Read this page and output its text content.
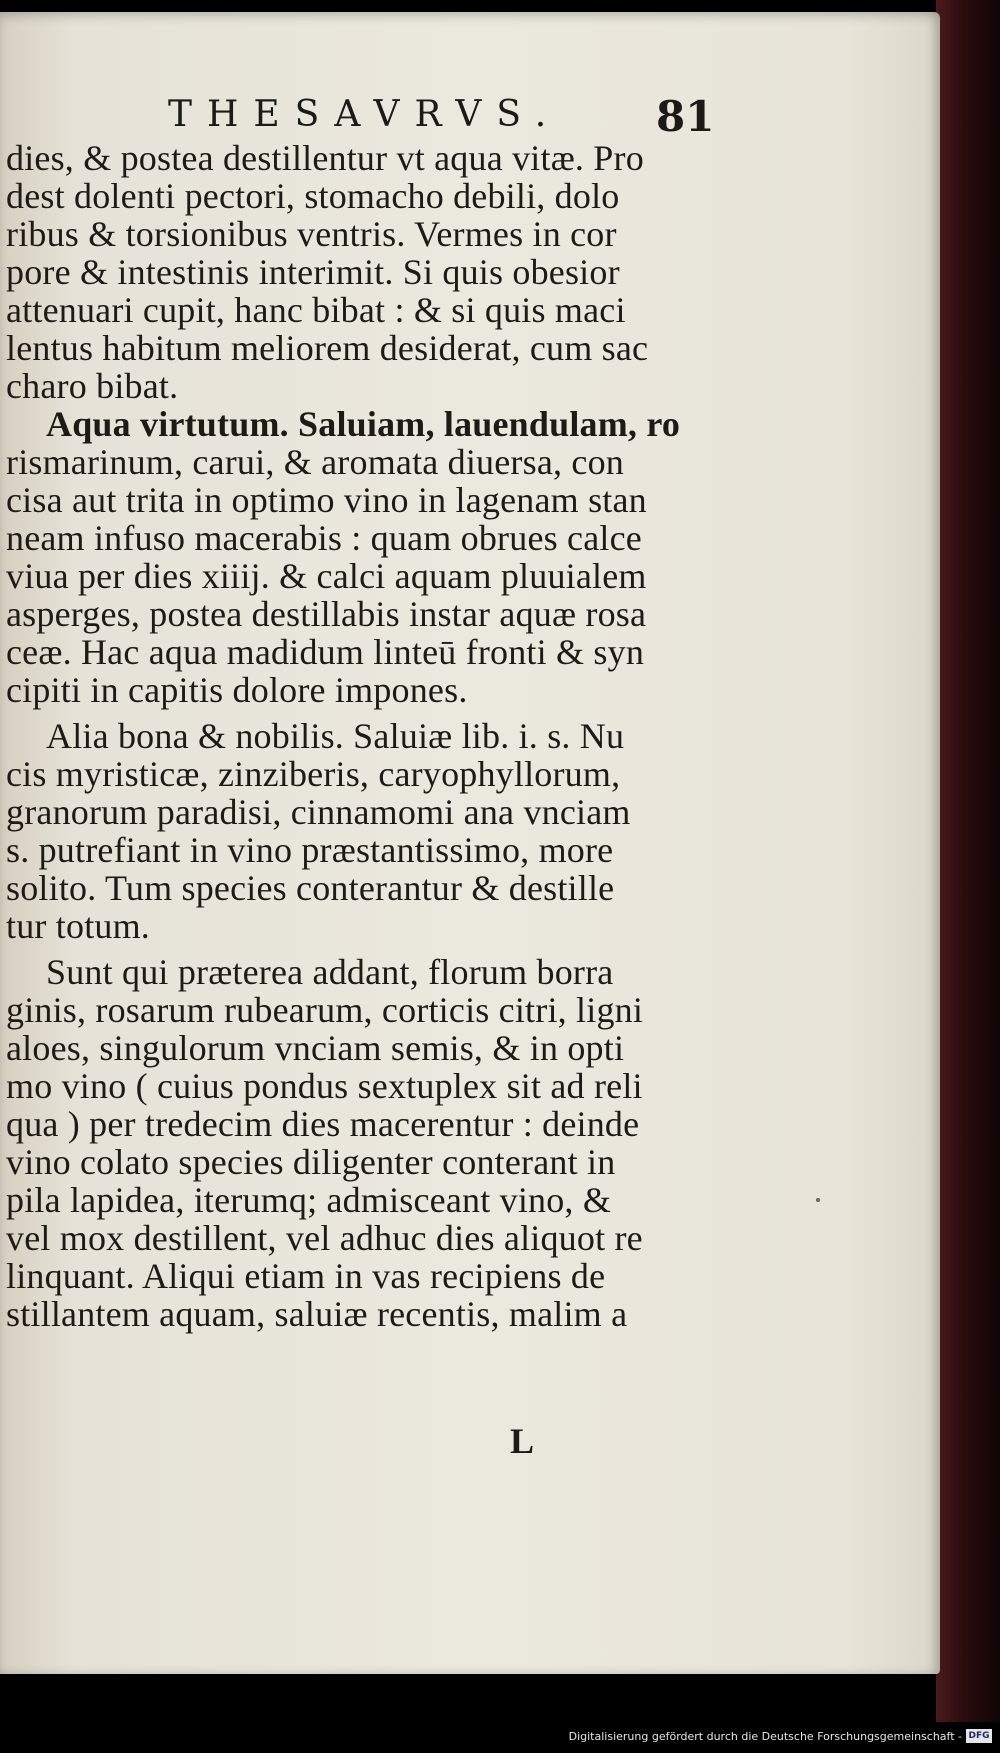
THESAVRVS. 81
dies, & postea destillentur vt aqua vitæ. Pro
dest dolenti pectori, stomacho debili, dolo
ribus & torsionibus ventris. Vermes in cor
pore & intestinis interimit. Si quis obesior
attenuari cupit, hanc bibat : & si quis maci
lentus habitum meliorem desiderat, cum sac
charo bibat.
Aqua virtutum. Saluiam, lauendulam, ro
rismarinum, carui, & aromata diuersa, con
cisa aut trita in optimo vino in lagenam stan
neam infuso macerabis : quam obrues calce
viua per dies xiiij. & calci aquam pluuialem
asperges, postea destillabis instar aquæ rosa
ceæ. Hac aqua madidum linteū fronti & syn
cipiti in capitis dolore impones.
Alia bona & nobilis. Saluiæ lib. i. s. Nu
cis myristicæ, zinziberis, caryophyllorum,
granorum paradisi, cinnamomi ana vnciam
s. putrefiant in vino præstantissimo, more
solito. Tum species conterantur & destille
tur totum.
Sunt qui præterea addant, florum borra
ginis, rosarum rubearum, corticis citri, ligni
aloes, singulorum vnciam semis, & in opti
mo vino ( cuius pondus sextuplex sit ad reli
qua ) per tredecim dies macerentur : deinde
vino colato species diligenter conterant in
pila lapidea, iterumq; admisceant vino, &
vel mox destillent, vel adhuc dies aliquot re
linquant. Aliqui etiam in vas recipiens de
stillantem aquam, saluiæ recentis, malim a
L
Digitalisierung gefördert durch die Deutsche Forschungsgemeinschaft - DFG
